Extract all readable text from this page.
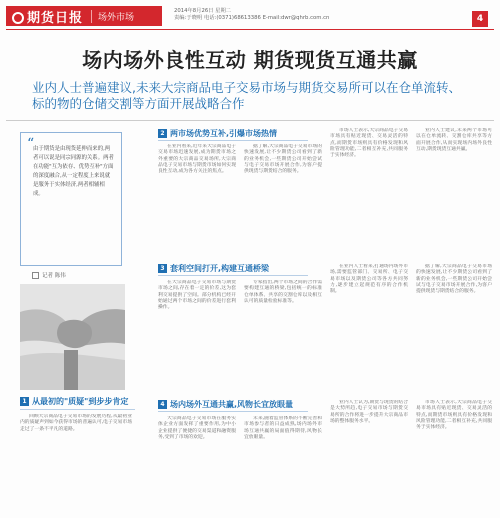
期货日报	场外市场
2014年8月26日 星期二
责编:于晓明 电话:(0371)68613386 E-mail:dwr@qhrb.com.cn	4
场内场外良性互动 期货现货互通共赢
业内人士普遍建议,未来大宗商品电子交易市场与期货交易所可以在仓单流转、标的物的仓储交割等方面开展战略合作
“
由于期货是由现货延伸而来的,两者可以说是同宗同源的关系。两者在功能"互为依存、优势互补"方面的深度融合,从一定程度上来说就是服务于实体经济,两者相辅相成。
记者 陈伟
1 从最初的"质疑"到步步肯定
2 两市场优势互补,引爆市场热情
3 套利空间打开,构建互通桥梁
4 场内场外互通共赢,风物长宜放眼量

在业内看来,近年来大宗商品电子交易市场迅速发展,成为期货市场之外重要的大宗商品交易场所,大宗商品电子交易市场与期货市场如何实现良性互动,成为各方关注的焦点。

据了解,大宗商品电子交易市场的快速发展,让不少期货公司看到了新的业务机会,一些期货公司开始尝试与电子交易市场开展合作,为客户提供现货与期货结合的服务。

市场人士表示,大宗商品电子交易市场具有贴近现货、交易灵活的特点,而期货市场则具有价格发现和风险管理功能,二者相互补充,共同服务于实体经济。

业内人士建议,未来两个市场可以在仓单流转、交割仓库共享等方面开展合作,从而实现场内场外良性互动,期货现货互通共赢。

在大宗商品电子交易市场与期货市场之间,存在着一定的价差,这为套利交易提供了空间。部分机构已经开始通过两个市场之间的价差进行套利操作。

专家指出,两个市场之间的合作需要构建互通的桥梁,包括统一的标准仓单体系、共享的交割仓库以及相互认可的质量检验标准等。

在业内人士看来,打通场内场外市场,需要监管部门、交易所、电子交易市场以及期货公司等各方共同努力,逐步建立起规范有序的合作机制。

据了解,大宗商品电子交易市场的快速发展,让不少期货公司看到了新的业务机会,一些期货公司开始尝试与电子交易市场开展合作,为客户提供现货与期货结合的服务。

回顾大宗商品电子交易市场的发展历程,从最初业内的质疑声到如今获得市场的普遍认可,电子交易市场走过了一条不平凡的道路。

大宗商品电子交易市场在服务实体企业方面发挥了重要作用,为中小企业提供了便捷的交易渠道和融资服务,受到了市场的欢迎。

未来,随着监管体系的不断完善和市场参与者的日益成熟,场内场外市场互通共赢的局面值得期待,风物长宜放眼量。

业内人士认为,期货与现货的结合是大势所趋,电子交易市场与期货交易所的合作将进一步提升大宗商品市场的整体服务水平。

市场人士表示,大宗商品电子交易市场具有贴近现货、交易灵活的特点,而期货市场则具有价格发现和风险管理功能,二者相互补充,共同服务于实体经济。
